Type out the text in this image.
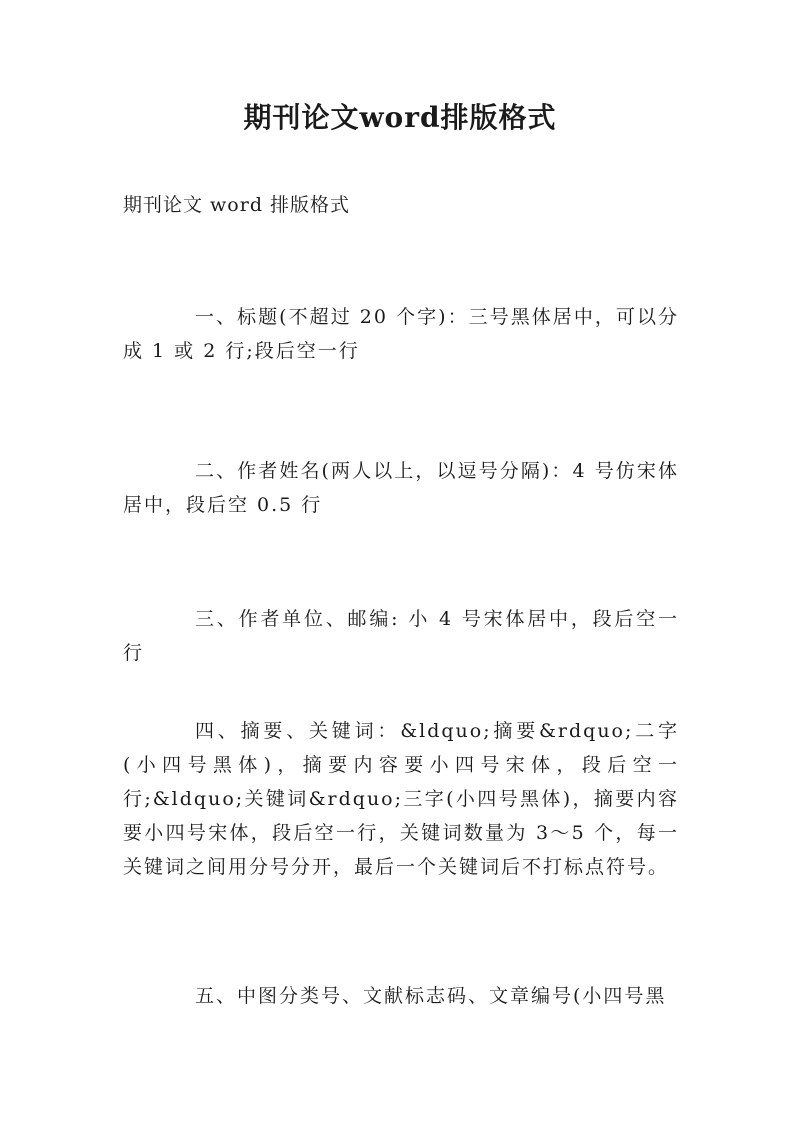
期刊论文word排版格式
期刊论文 word 排版格式
一、标题(不超过 20 个字)：三号黑体居中，可以分成 1 或 2 行;段后空一行
二、作者姓名(两人以上，以逗号分隔)：4 号仿宋体居中，段后空 0.5 行
三、作者单位、邮编: 小 4 号宋体居中，段后空一行
四、摘要、关键词：&ldquo;摘要&rdquo;二字(小四号黑体)，摘要内容要小四号宋体，段后空一行;&ldquo;关键词&rdquo;三字(小四号黑体)，摘要内容要小四号宋体，段后空一行，关键词数量为 3～5 个，每一关键词之间用分号分开，最后一个关键词后不打标点符号。
五、中图分类号、文献标志码、文章编号(小四号黑
